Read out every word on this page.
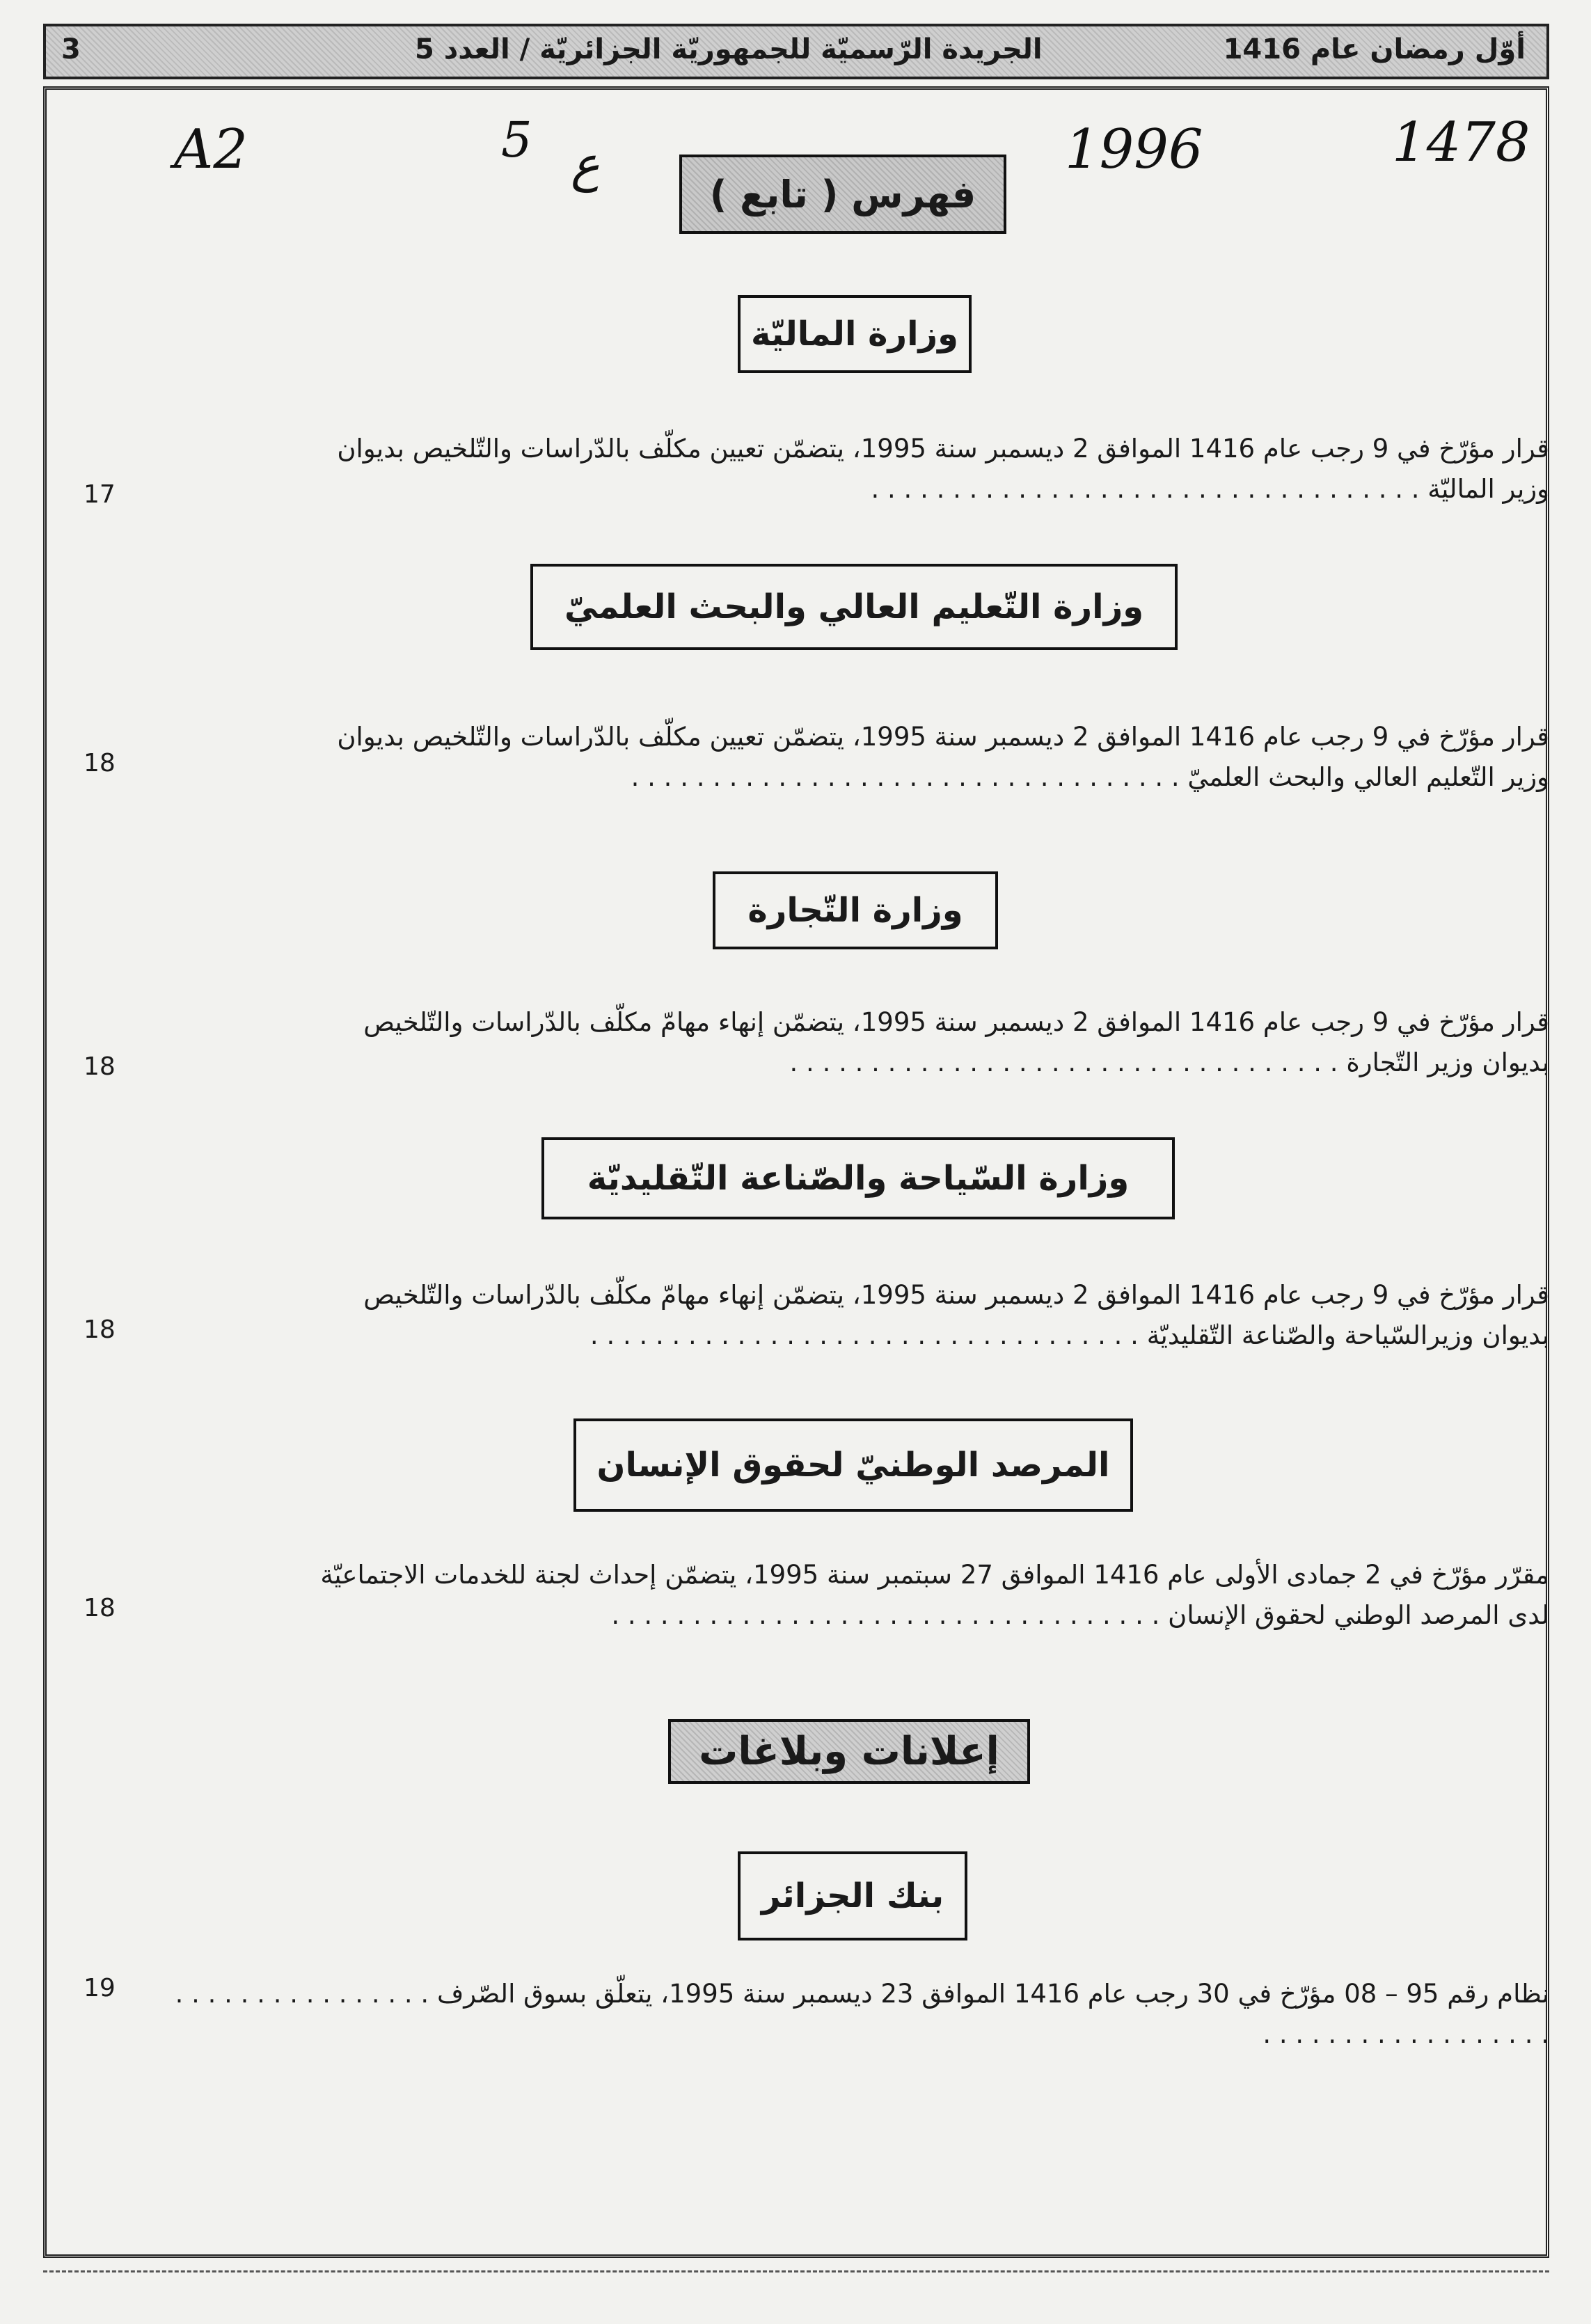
أوّل رمضان عام 1416
الجريدة الرّسميّة للجمهوريّة الجزائريّة / العدد 5
3
A2	5 ع	1996	1478
فهرس ( تابع )
وزارة الماليّة
قرار مؤرّخ في 9 رجب عام 1416 الموافق 2 ديسمبر سنة 1995، يتضمّن تعيين مكلّف بالدّراسات والتّلخيص بديوان
وزير الماليّة . . . . . . . . . . . . . . . . . . . . . . . . . . . . . . . . . .
17
وزارة التّعليم العالي والبحث العلميّ
قرار مؤرّخ في 9 رجب عام 1416 الموافق 2 ديسمبر سنة 1995، يتضمّن تعيين مكلّف بالدّراسات والتّلخيص بديوان
وزير التّعليم العالي والبحث العلميّ . . . . . . . . . . . . . . . . . . . . . . . . . . . . . . . . . .
18
وزارة التّجارة
قرار مؤرّخ في 9 رجب عام 1416 الموافق 2 ديسمبر سنة 1995، يتضمّن إنهاء مهامّ مكلّف بالدّراسات والتّلخيص
بديوان وزير التّجارة . . . . . . . . . . . . . . . . . . . . . . . . . . . . . . . . . .
18
وزارة السّياحة والصّناعة التّقليديّة
قرار مؤرّخ في 9 رجب عام 1416 الموافق 2 ديسمبر سنة 1995، يتضمّن إنهاء مهامّ مكلّف بالدّراسات والتّلخيص
بديوان وزيرالسّياحة والصّناعة التّقليديّة . . . . . . . . . . . . . . . . . . . . . . . . . . . . . . . . . .
18
المرصد الوطنيّ لحقوق الإنسان
مقرّر مؤرّخ في 2 جمادى الأولى عام 1416 الموافق 27 سبتمبر سنة 1995، يتضمّن إحداث لجنة للخدمات الاجتماعيّة
لدى المرصد الوطني لحقوق الإنسان . . . . . . . . . . . . . . . . . . . . . . . . . . . . . . . . . .
18
إعلانات وبلاغات
بنك الجزائر
نظام رقم 95 – 08 مؤرّخ في 30 رجب عام 1416 الموافق 23 ديسمبر سنة 1995، يتعلّق بسوق الصّرف . . . . . . . . . . . . . . . . . . . . . . . . . . . . . . . . . .
19
